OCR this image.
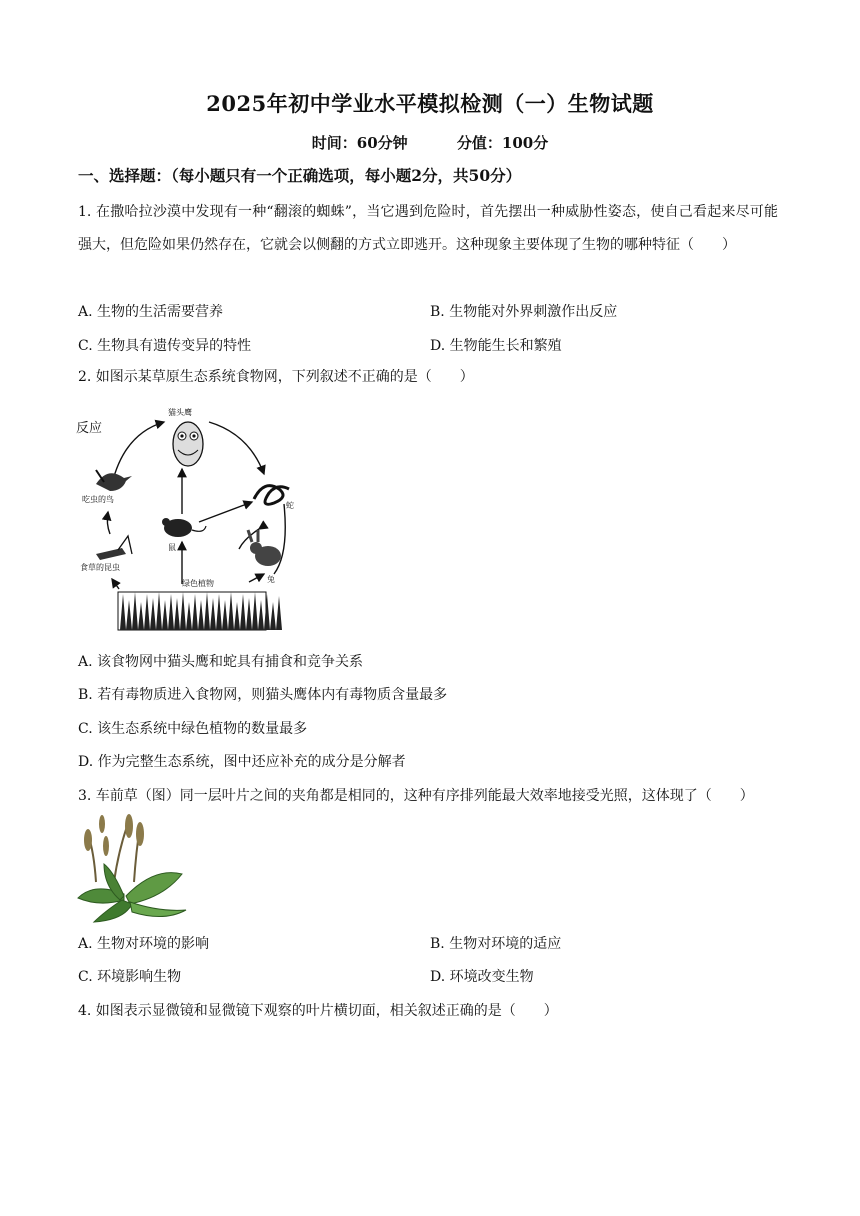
2025年初中学业水平模拟检测（一）生物试题
时间：60分钟	分值：100分
一、选择题：（每小题只有一个正确选项，每小题2分，共50分）
1. 在撒哈拉沙漠中发现有一种“翻滚的蜘蛛”，当它遇到危险时，首先摆出一种威胁性姿态，使自己看起来尽可能强大，但危险如果仍然存在，它就会以侧翻的方式立即逃开。这种现象主要体现了生物的哪种特征（　　）
A. 生物的生活需要营养	B. 生物能对外界刺激作出反应
C. 生物具有遗传变异的特性	D. 生物能生长和繁殖
2. 如图示某草原生态系统食物网，下列叙述不正确的是（　　）
反应
猫头鹰
吃虫的鸟
蛇
鼠
食草的昆虫
绿色植物	兔
A. 该食物网中猫头鹰和蛇具有捕食和竞争关系
B. 若有毒物质进入食物网，则猫头鹰体内有毒物质含量最多
C. 该生态系统中绿色植物的数量最多
D. 作为完整生态系统，图中还应补充的成分是分解者
3. 车前草（图）同一层叶片之间的夹角都是相同的，这种有序排列能最大效率地接受光照，这体现了（　　）
A. 生物对环境的影响	B. 生物对环境的适应
C. 环境影响生物	D. 环境改变生物
4. 如图表示显微镜和显微镜下观察的叶片横切面，相关叙述正确的是（　　）
